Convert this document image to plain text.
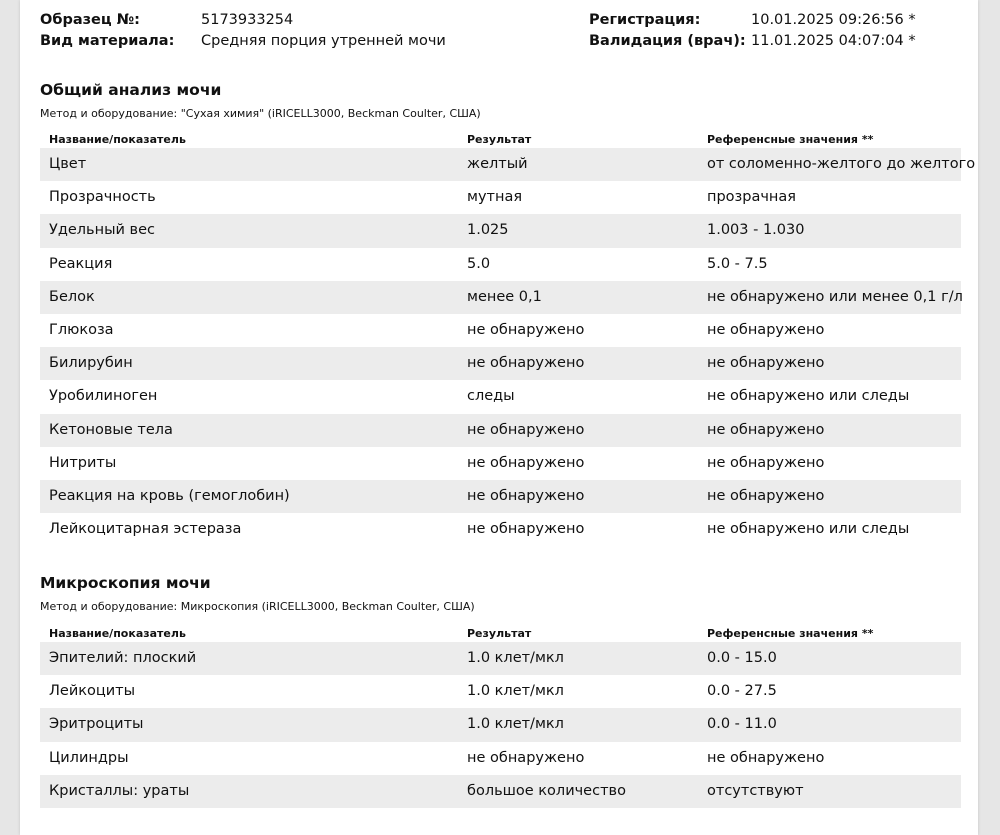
Образец №:	5173933254
Вид материала: Средняя порция утренней мочи
Регистрация:	10.01.2025 09:26:56 *
Валидация (врач): 11.01.2025 04:07:04 *
Общий анализ мочи
Метод и оборудование: "Сухая химия" (iRICELL3000, Beckman Coulter, США)
Название/показатель	Результат	Референсные значения **
Цвет	желтый	от соломенно-желтого до желтого
Прозрачность	мутная	прозрачная
Удельный вес	1.025	1.003 - 1.030
Реакция	5.0	5.0 - 7.5
Белок	менее 0,1	не обнаружено или менее 0,1 г/л
Глюкоза	не обнаружено	не обнаружено
Билирубин	не обнаружено	не обнаружено
Уробилиноген	следы	не обнаружено или следы
Кетоновые тела	не обнаружено	не обнаружено
Нитриты	не обнаружено	не обнаружено
Реакция на кровь (гемоглобин)	не обнаружено	не обнаружено
Лейкоцитарная эстераза	не обнаружено	не обнаружено или следы
Микроскопия мочи
Метод и оборудование: Микроскопия (iRICELL3000, Beckman Coulter, США)
Название/показатель	Результат	Референсные значения **
Эпителий: плоский	1.0 клет/мкл	0.0 - 15.0
Лейкоциты	1.0 клет/мкл	0.0 - 27.5
Эритроциты	1.0 клет/мкл	0.0 - 11.0
Цилиндры	не обнаружено	не обнаружено
Кристаллы: ураты	большое количество	отсутствуют
